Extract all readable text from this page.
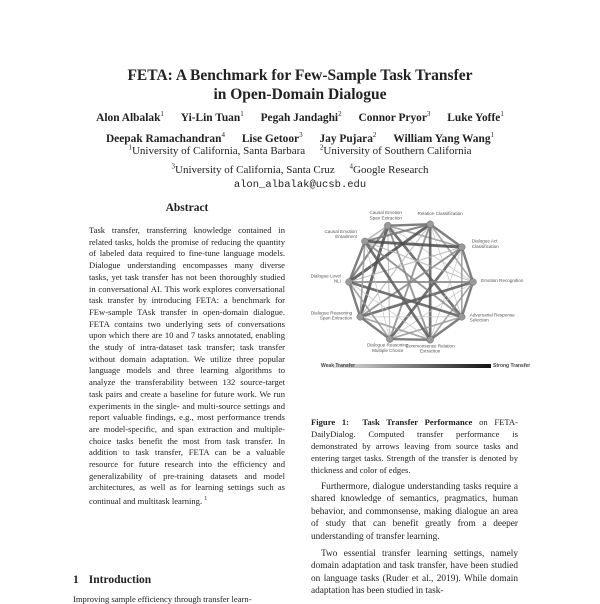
FETA: A Benchmark for Few-Sample Task Transfer
in Open-Domain Dialogue
Alon Albalak$^1$ Yi-Lin Tuan$^1$ Pegah Jandaghi$^2$ Connor Pryor$^3$ Luke Yoffe$^1$
Deepak Ramachandran$^4$ Lise Getoor$^3$ Jay Pujara$^2$ William Yang Wang$^1$
$^1$University of California, Santa Barbara $^2$University of Southern California
$^3$University of California, Santa Cruz $^4$Google Research
alon_albalak@ucsb.edu
Abstract

Task transfer, transferring knowledge contained in related tasks, holds the promise of reducing the quantity of labeled data required to fine-tune language models. Dialogue understanding encompasses many diverse tasks, yet task transfer has not been thoroughly studied in conversational AI. This work explores conversational task transfer by introducing FETA: a benchmark for FEw-sample TAsk transfer in open-domain dialogue. FETA contains two underlying sets of conversations upon which there are 10 and 7 tasks annotated, enabling the study of intra-dataset task transfer; task transfer without domain adaptation. We utilize three popular language models and three learning algorithms to analyze the transferability between 132 source-target task pairs and create a baseline for future work. We run experiments in the single- and multi-source settings and report valuable findings, e.g., most performance trends are model-specific, and span extraction and multiple-choice tasks benefit the most from task transfer. In addition to task transfer, FETA can be a valuable resource for future research into the efficiency and generalizability of pre-training datasets and model architectures, as well as for learning settings such as continual and multitask learning. $^1$

1 Introduction
Improving sample efficiency through transfer learn-
Causal Emotion Span Extraction
Relation Classification
Dialogue Act Classification
Emotion Recognition
Adversarial Response Selection
Commonsense Relation Extraction
Dialogue Reasoning Multiple Choice
Dialogue Reasoning Span Extraction
Dialogue Level NLI
Causal Emotion Entailment
Weak Transfer	Strong Transfer
Figure 1: Task Transfer Performance on FETA-DailyDialog. Computed transfer performance is demonstrated by arrows leaving from source tasks and entering target tasks. Strength of the transfer is denoted by thickness and color of edges.
Furthermore, dialogue understanding tasks require a shared knowledge of semantics, pragmatics, human behavior, and commonsense, making dialogue an area of study that can benefit greatly from a deeper understanding of transfer learning.
Two essential transfer learning settings, namely domain adaptation and task transfer, have been studied on language tasks (Ruder et al., 2019). While domain adaptation has been studied in task-
